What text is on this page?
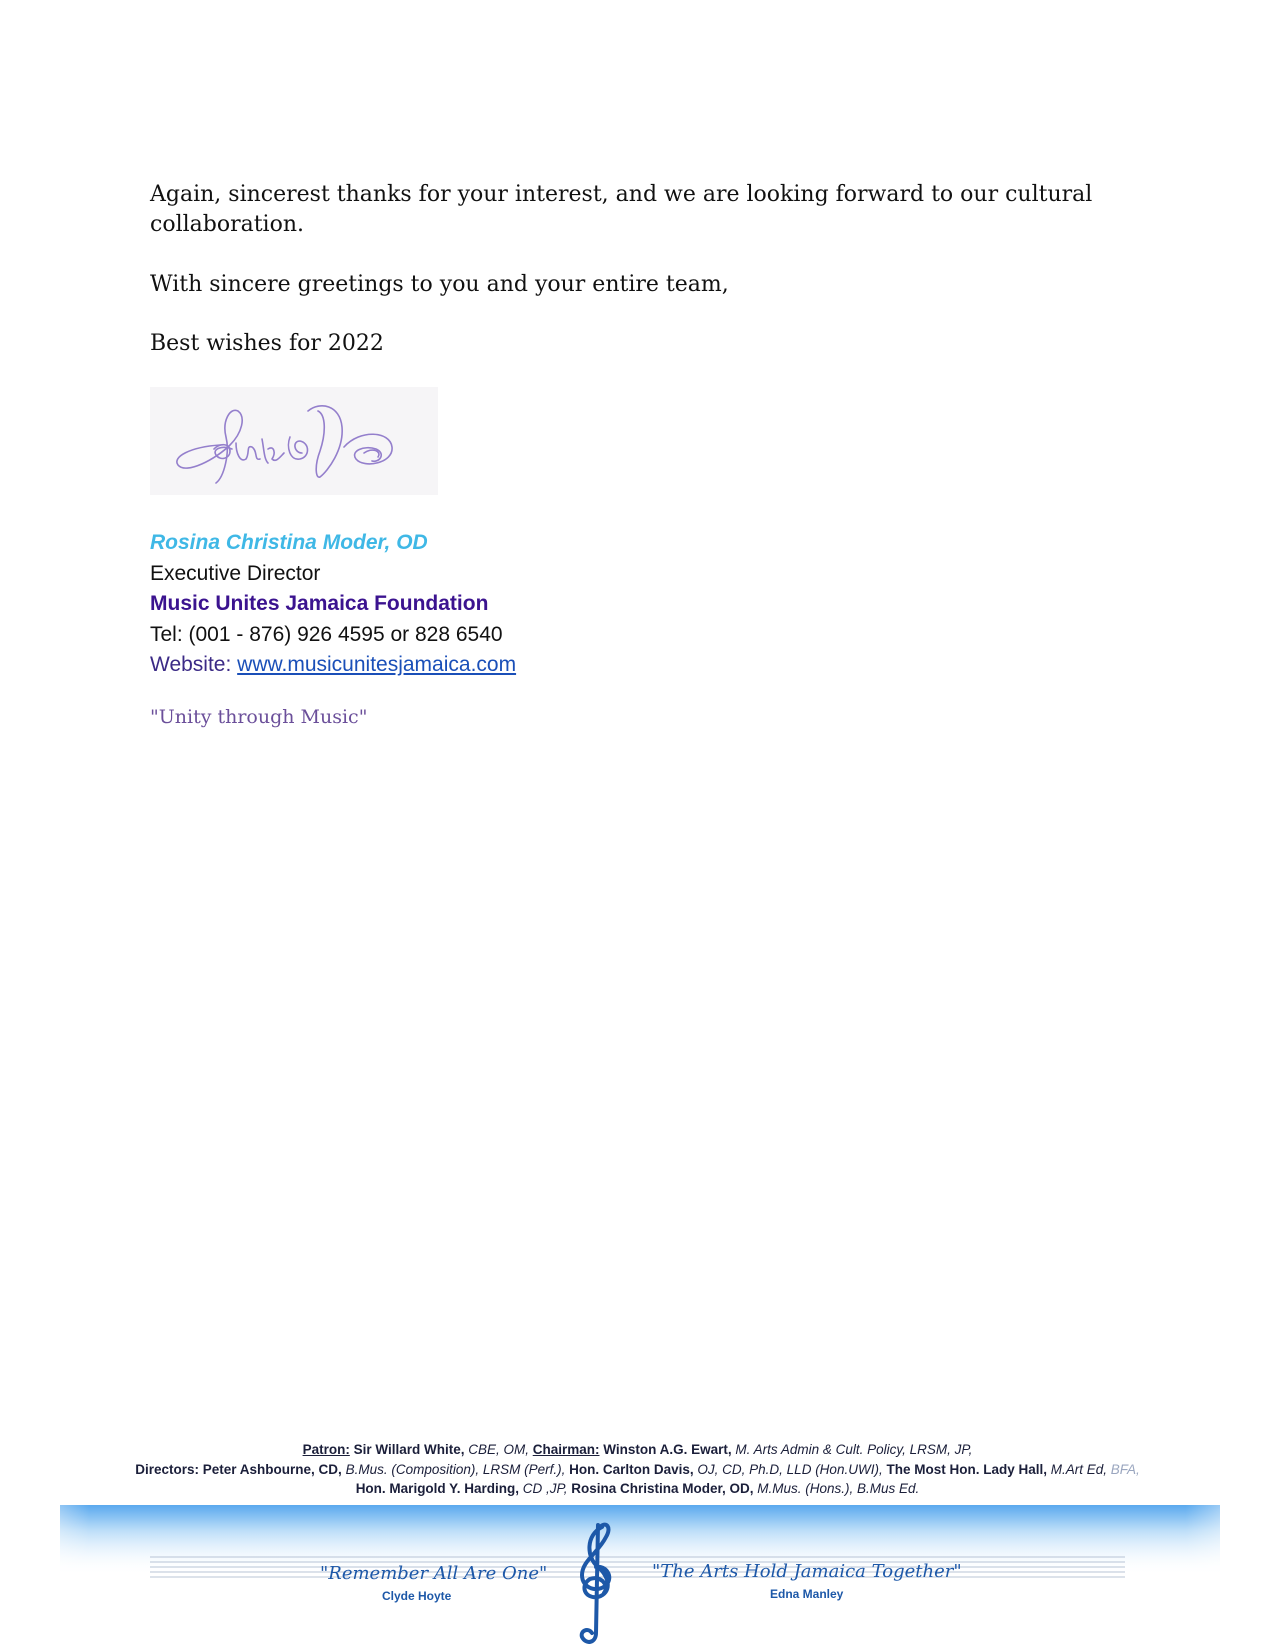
Again, sincerest thanks for your interest, and we are looking forward to our cultural collaboration.

With sincere greetings to you and your entire team,

Best wishes for 2022

Rosina Christina Moder, OD
Executive Director
Music Unites Jamaica Foundation
Tel: (001 - 876) 926 4595 or 828 6540
Website: www.musicunitesjamaica.com
"Unity through Music"
Patron: Sir Willard White, CBE, OM, Chairman: Winston A.G. Ewart, M. Arts Admin & Cult. Policy, LRSM, JP,
Directors: Peter Ashbourne, CD, B.Mus. (Composition), LRSM (Perf.), Hon. Carlton Davis, OJ, CD, Ph.D, LLD (Hon.UWI), The Most Hon. Lady Hall, M.Art Ed, BFA,
Hon. Marigold Y. Harding, CD ,JP, Rosina Christina Moder, OD, M.Mus. (Hons.), B.Mus Ed.
"Remember All Are One"
Clyde Hoyte
"The Arts Hold Jamaica Together"
Edna Manley
